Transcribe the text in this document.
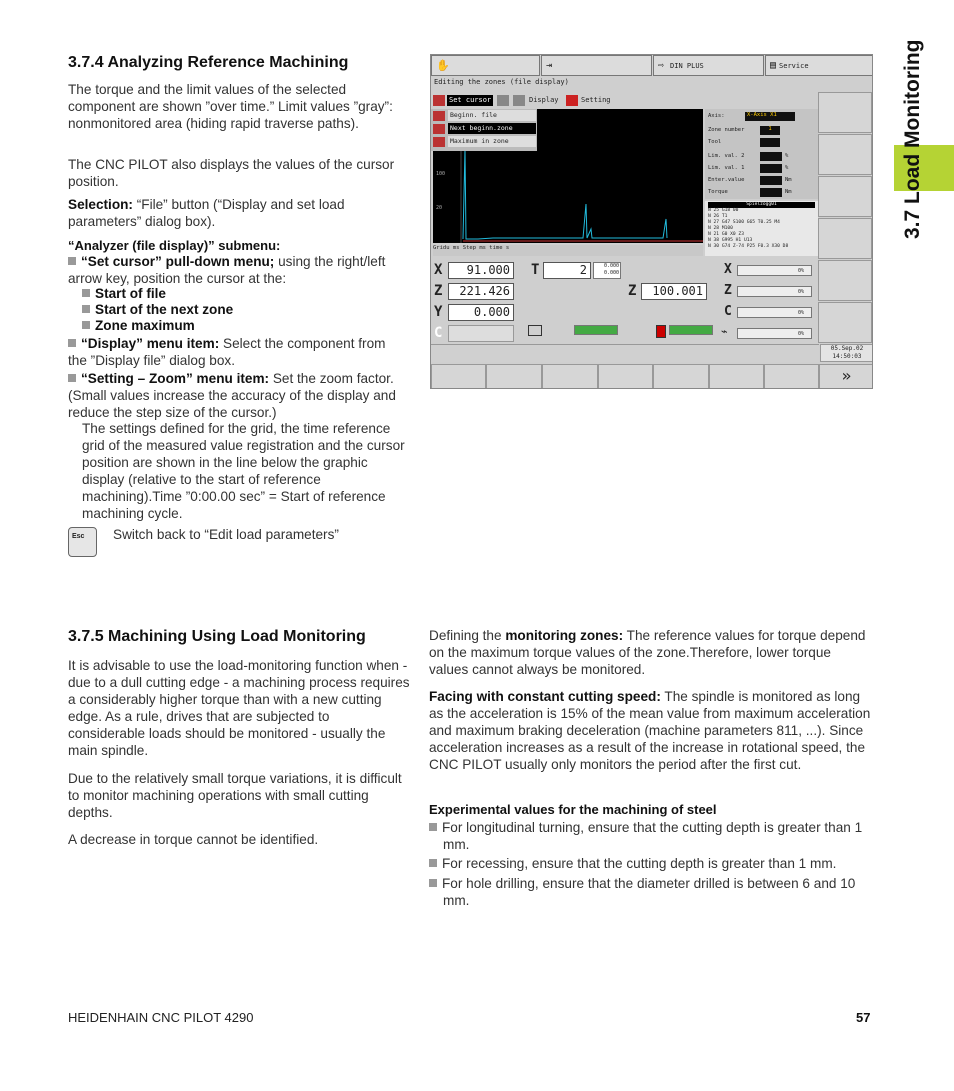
3.7 Load Monitoring
3.7.4 Analyzing Reference Machining
The torque and the limit values of the selected component are shown ”over time.” Limit values ”gray”: nonmonitored area (hiding rapid traverse paths).
The CNC PILOT also displays the values of the cursor position.
Selection: “File” button (“Display and set load parameters” dialog box).
“Analyzer (file display)” submenu:
“Set cursor” pull-down menu; using the right/left arrow key, position the cursor at the:
Start of file
Start of the next zone
Zone maximum
“Display” menu item: Select the component from the ”Display file” dialog box.
“Setting – Zoom” menu item: Set the zoom factor. (Small values increase the accuracy of the display and reduce the step size of the cursor.)
The settings defined for the grid, the time reference grid of the measured value registration and the cursor position are shown in the line below the graphic display (relative to the start of reference machining).Time ”0:00.00 sec” = Start of reference machining cycle.
Esc	Switch back to “Edit load parameters”
✋	⇥	⇨ DIN PLUS	▤ Service
Editing the zones (file display)
Set cursor	Display	Setting
100
20
Beginn. file
Next beginn.zone
Maximum in zone
Gridu ms Step ms time s
Axis:	X-Axis X1
Zone number	1
Tool
Lim. val. 2	%
Lim. val. 1	%
Enter.value	Nm
Torque	Nm
Spielzogg01
N 25 G18 00
N 26 T1
N 27 G47 S100 G65 T0.25 M4
N 28 M100
N 21 G0 X0 Z3
N 38 G995 H1 U13
N 30 G74 Z-74 P25 F0.3 X30 D8
X	91.000
Z	221.426
Y	0.000
C
T	2	0.000
0.000
Z	100.001
X	0%
Z	0%
C	0%
⌁	0%
05.Sep.02
14:50:03
»
3.7.5 Machining Using Load Monitoring
It is advisable to use the load-monitoring function when - due to a dull cutting edge - a machining process requires a considerably higher torque than with a new cutting edge. As a rule, drives that are subjected to considerable loads should be monitored - usually the main spindle.
Due to the relatively small torque variations, it is difficult to monitor machining operations with small cutting depths.
A decrease in torque cannot be identified.
Defining the monitoring zones: The reference values for torque depend on the maximum torque values of the zone.Therefore, lower torque values cannot always be monitored.
Facing with constant cutting speed: The spindle is monitored as long as the acceleration is 15% of the mean value from maximum acceleration and maximum braking deceleration (machine parameters 811, ...). Since acceleration increases as a result of the increase in rotational speed, the CNC PILOT usually only monitors the period after the first cut.
Experimental values for the machining of steel
For longitudinal turning, ensure that the cutting depth is greater than 1 mm.
For recessing, ensure that the cutting depth is greater than 1 mm.
For hole drilling, ensure that the diameter drilled is between 6 and 10 mm.
HEIDENHAIN CNC PILOT 4290	57
